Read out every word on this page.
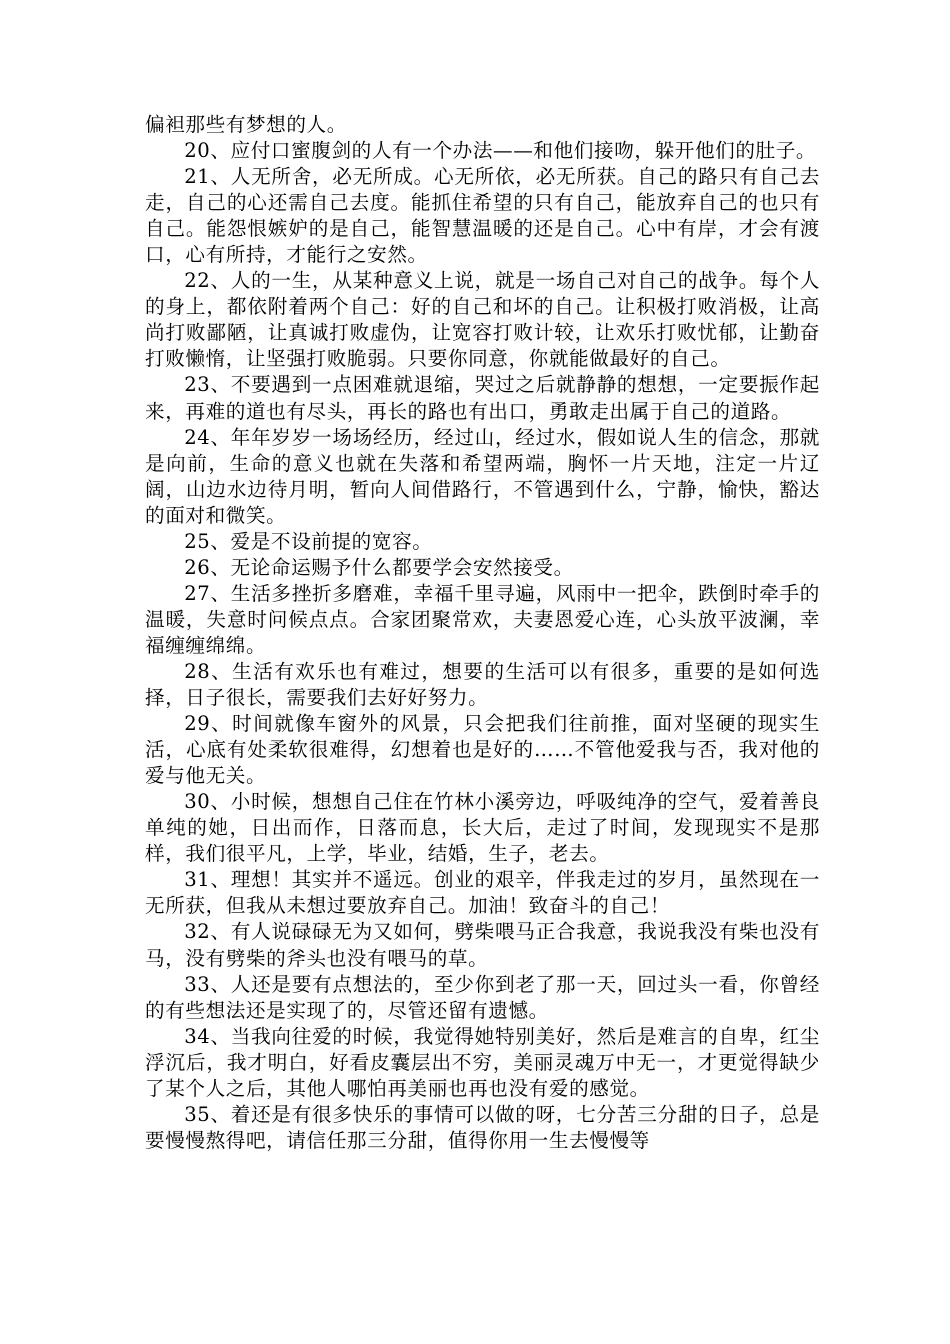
偏袒那些有梦想的人。

20、应付口蜜腹剑的人有一个办法——和他们接吻，躲开他们的肚子。

21、人无所舍，必无所成。心无所依，必无所获。自己的路只有自己去走，自己的心还需自己去度。能抓住希望的只有自己，能放弃自己的也只有自己。能怨恨嫉妒的是自己，能智慧温暖的还是自己。心中有岸，才会有渡口，心有所持，才能行之安然。

22、人的一生，从某种意义上说，就是一场自己对自己的战争。每个人的身上，都依附着两个自己：好的自己和坏的自己。让积极打败消极，让高尚打败鄙陋，让真诚打败虚伪，让宽容打败计较，让欢乐打败忧郁，让勤奋打败懒惰，让坚强打败脆弱。只要你同意，你就能做最好的自己。

23、不要遇到一点困难就退缩，哭过之后就静静的想想，一定要振作起来，再难的道也有尽头，再长的路也有出口，勇敢走出属于自己的道路。

24、年年岁岁一场场经历，经过山，经过水，假如说人生的信念，那就是向前，生命的意义也就在失落和希望两端，胸怀一片天地，注定一片辽阔，山边水边待月明，暂向人间借路行，不管遇到什么，宁静，愉快，豁达的面对和微笑。

25、爱是不设前提的宽容。

26、无论命运赐予什么都要学会安然接受。

27、生活多挫折多磨难，幸福千里寻遍，风雨中一把伞，跌倒时牵手的温暖，失意时问候点点。合家团聚常欢，夫妻恩爱心连，心头放平波澜，幸福缠缠绵绵。

28、生活有欢乐也有难过，想要的生活可以有很多，重要的是如何选择，日子很长，需要我们去好好努力。

29、时间就像车窗外的风景，只会把我们往前推，面对坚硬的现实生活，心底有处柔软很难得，幻想着也是好的……不管他爱我与否，我对他的爱与他无关。

30、小时候，想想自己住在竹林小溪旁边，呼吸纯净的空气，爱着善良单纯的她，日出而作，日落而息，长大后，走过了时间，发现现实不是那样，我们很平凡，上学，毕业，结婚，生子，老去。

31、理想！其实并不遥远。创业的艰辛，伴我走过的岁月，虽然现在一无所获，但我从未想过要放弃自己。加油！致奋斗的自己！

32、有人说碌碌无为又如何，劈柴喂马正合我意，我说我没有柴也没有马，没有劈柴的斧头也没有喂马的草。

33、人还是要有点想法的，至少你到老了那一天，回过头一看，你曾经的有些想法还是实现了的，尽管还留有遗憾。

34、当我向往爱的时候，我觉得她特别美好，然后是难言的自卑，红尘浮沉后，我才明白，好看皮囊层出不穷，美丽灵魂万中无一，才更觉得缺少了某个人之后，其他人哪怕再美丽也再也没有爱的感觉。

35、着还是有很多快乐的事情可以做的呀，七分苦三分甜的日子，总是要慢慢熬得吧，请信任那三分甜，值得你用一生去慢慢等
